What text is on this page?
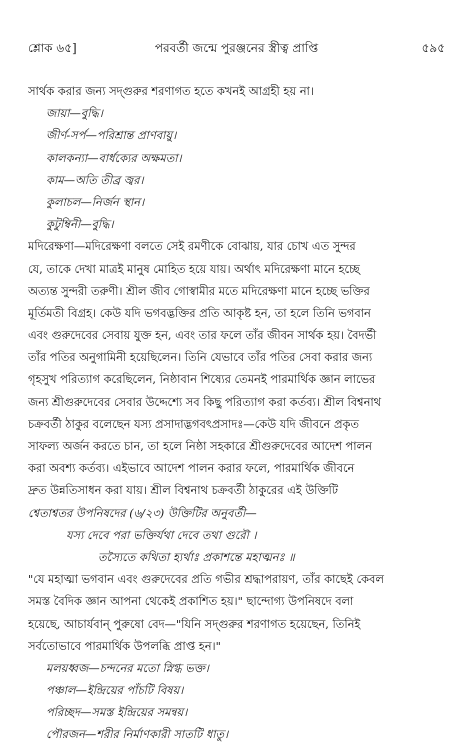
শ্লোক ৬৫]	পরবর্তী জন্মে পুরঞ্জনের স্ত্রীত্ব প্রাপ্তি	৫৯৫
সার্থক করার জন্য সদ্গুরুর শরণাগত হতে কখনই আগ্রহী হয় না।
জায়া—বুদ্ধি।
জীর্ণ-সর্প—পরিশ্রান্ত প্রাণবায়ু।
কালকন্যা—বার্ধক্যের অক্ষমতা।
কাম—অতি তীব্র জ্বর।
কুলাচল—নির্জন স্থান।
কুটুম্বিনী—বুদ্ধি।
মদিরেক্ষণা—মদিরেক্ষণা বলতে সেই রমণীকে বোঝায়, যার চোখ এত সুন্দর
যে, তাকে দেখা মাত্রই মানুষ মোহিত হয়ে যায়। অর্থাৎ মদিরেক্ষণা মানে হচ্ছে
অত্যন্ত সুন্দরী তরুণী। শ্রীল জীব গোস্বামীর মতে মদিরেক্ষণা মানে হচ্ছে ভক্তির
মূর্তিমতী বিগ্রহ। কেউ যদি ভগবদ্ভক্তির প্রতি আকৃষ্ট হন, তা হলে তিনি ভগবান
এবং গুরুদেবের সেবায় যুক্ত হন, এবং তার ফলে তাঁর জীবন সার্থক হয়। বৈদর্ভী
তাঁর পতির অনুগামিনী হয়েছিলেন। তিনি যেভাবে তাঁর পতির সেবা করার জন্য
গৃহসুখ পরিত্যাগ করেছিলেন, নিষ্ঠাবান শিষ্যের তেমনই পারমার্থিক জ্ঞান লাভের
জন্য শ্রীগুরুদেবের সেবার উদ্দেশ্যে সব কিছু পরিত্যাগ করা কর্তব্য। শ্রীল বিশ্বনাথ
চক্রবর্তী ঠাকুর বলেছেন যস্য প্রসাদাদ্ভগবৎপ্রসাদঃ—কেউ যদি জীবনে প্রকৃত
সাফল্য অর্জন করতে চান, তা হলে নিষ্ঠা সহকারে শ্রীগুরুদেবের আদেশ পালন
করা অবশ্য কর্তব্য। এইভাবে আদেশ পালন করার ফলে, পারমার্থিক জীবনে
দ্রুত উন্নতিসাধন করা যায়। শ্রীল বিশ্বনাথ চক্রবর্তী ঠাকুরের এই উক্তিটি
শ্বেতাশ্বতর উপনিষদের (৬/২৩) উক্তিটির অনুবর্তী—
যস্য দেবে পরা ভক্তির্যথা দেবে তথা গুরৌ ।
তস্যৈতে কথিতা হ্যর্থাঃ প্রকাশন্তে মহাত্মনঃ ॥
"যে মহাত্মা ভগবান এবং গুরুদেবের প্রতি গভীর শ্রদ্ধাপরায়ণ, তাঁর কাছেই কেবল
সমস্ত বৈদিক জ্ঞান আপনা থেকেই প্রকাশিত হয়।" ছান্দোগ্য উপনিষদে বলা
হয়েছে, আচার্যবান্ পুরুষো বেদ—"যিনি সদ্গুরুর শরণাগত হয়েছেন, তিনিই
সর্বতোভাবে পারমার্থিক উপলব্ধি প্রাপ্ত হন।"
মলয়ধ্বজ—চন্দনের মতো স্নিগ্ধ ভক্ত।
পঞ্চাল—ইন্দ্রিয়ের পাঁচটি বিষয়।
পরিচ্ছদ—সমস্ত ইন্দ্রিয়ের সমন্বয়।
পৌরজন—শরীর নির্মাণকারী সাতটি ধাতু।
